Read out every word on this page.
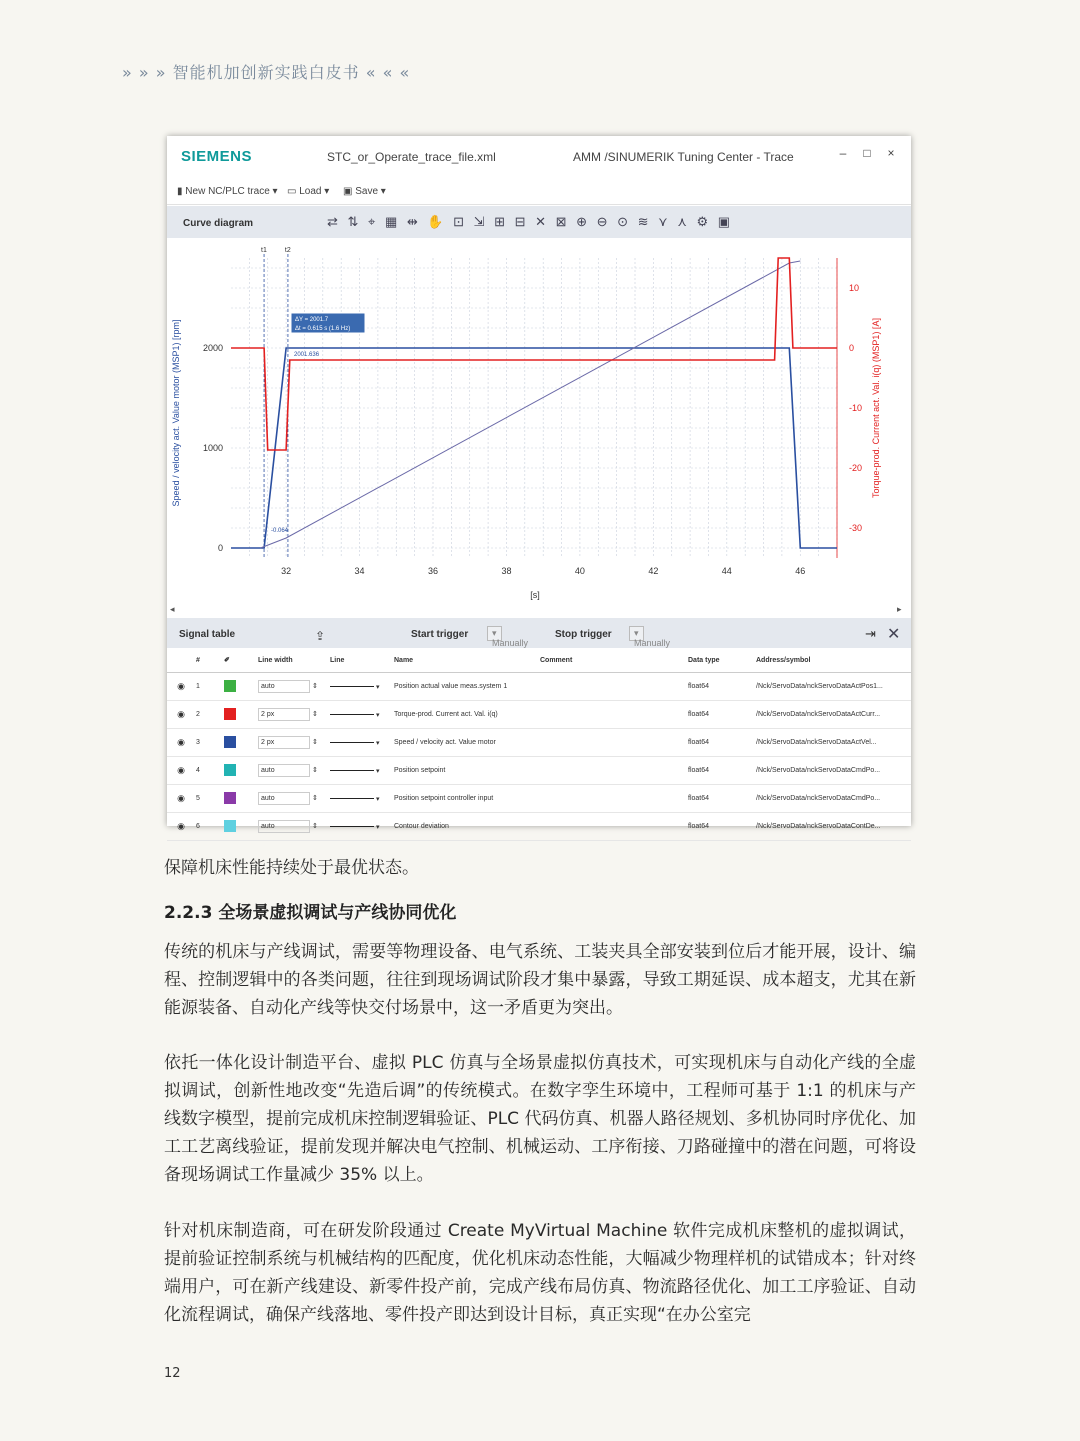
» » » 智能机加创新实践白皮书 « « «
SIEMENS	STC_or_Operate_trace_file.xml	AMM /SINUMERIK Tuning Center - Trace	– □ ×
▮ New NC/PLC trace ▾ ▭ Load ▾ ▣ Save ▾
Curve diagram	⇄ ⇅ ⌖ ▦ ⇹ ✋ ⊡ ⇲ ⊞ ⊟ ✕ ⊠ ⊕ ⊖ ⊙ ≋ ⋎ ⋏ ⚙ ▣
t1	t2
32	34	36	38	40	42	44	46
0
1000
2000
10
0
-10
-20
-30
ΔY = 2001.7
Δt = 0.615 s (1.6 Hz)
2001.636
-0.064
Speed / velocity act. Value motor (MSP1) [rpm]	Torque-prod. Current act. Val. i(q) (MSP1) [A]
[s]
◂	▸
Signal table	⇪	Start trigger
Manually
▾	Stop trigger
Manually
▾	⇥ ✕
	#	✐	Line width	Line	Name	Comment	Data type	Address/symbol
◉	1		auto ⇕	▾	Position actual value meas.system 1		float64	/Nck/ServoData/nckServoDataActPos1...
◉	2		2 px ⇕	▾	Torque-prod. Current act. Val. i(q)		float64	/Nck/ServoData/nckServoDataActCurr...
◉	3		2 px ⇕	▾	Speed / velocity act. Value motor		float64	/Nck/ServoData/nckServoDataActVel...
◉	4		auto ⇕	▾	Position setpoint		float64	/Nck/ServoData/nckServoDataCmdPo...
◉	5		auto ⇕	▾	Position setpoint controller input		float64	/Nck/ServoData/nckServoDataCmdPo...
◉	6		auto ⇕	▾	Contour deviation		float64	/Nck/ServoData/nckServoDataContDe...
保障机床性能持续处于最优状态。
2.2.3 全场景虚拟调试与产线协同优化
传统的机床与产线调试，需要等物理设备、电气系统、工装夹具全部安装到位后才能开展，设计、编程、控制逻辑中的各类问题，往往到现场调试阶段才集中暴露，导致工期延误、成本超支，尤其在新能源装备、自动化产线等快交付场景中，这一矛盾更为突出。
依托一体化设计制造平台、虚拟 PLC 仿真与全场景虚拟仿真技术，可实现机床与自动化产线的全虚拟调试，创新性地改变“先造后调”的传统模式。在数字孪生环境中，工程师可基于 1:1 的机床与产线数字模型，提前完成机床控制逻辑验证、PLC 代码仿真、机器人路径规划、多机协同时序优化、加工工艺离线验证，提前发现并解决电气控制、机械运动、工序衔接、刀路碰撞中的潜在问题，可将设备现场调试工作量减少 35% 以上。
针对机床制造商，可在研发阶段通过 Create MyVirtual Machine 软件完成机床整机的虚拟调试，提前验证控制系统与机械结构的匹配度，优化机床动态性能，大幅减少物理样机的试错成本；针对终端用户，可在新产线建设、新零件投产前，完成产线布局仿真、物流路径优化、加工工序验证、自动化流程调试，确保产线落地、零件投产即达到设计目标，真正实现“在办公室完
12
